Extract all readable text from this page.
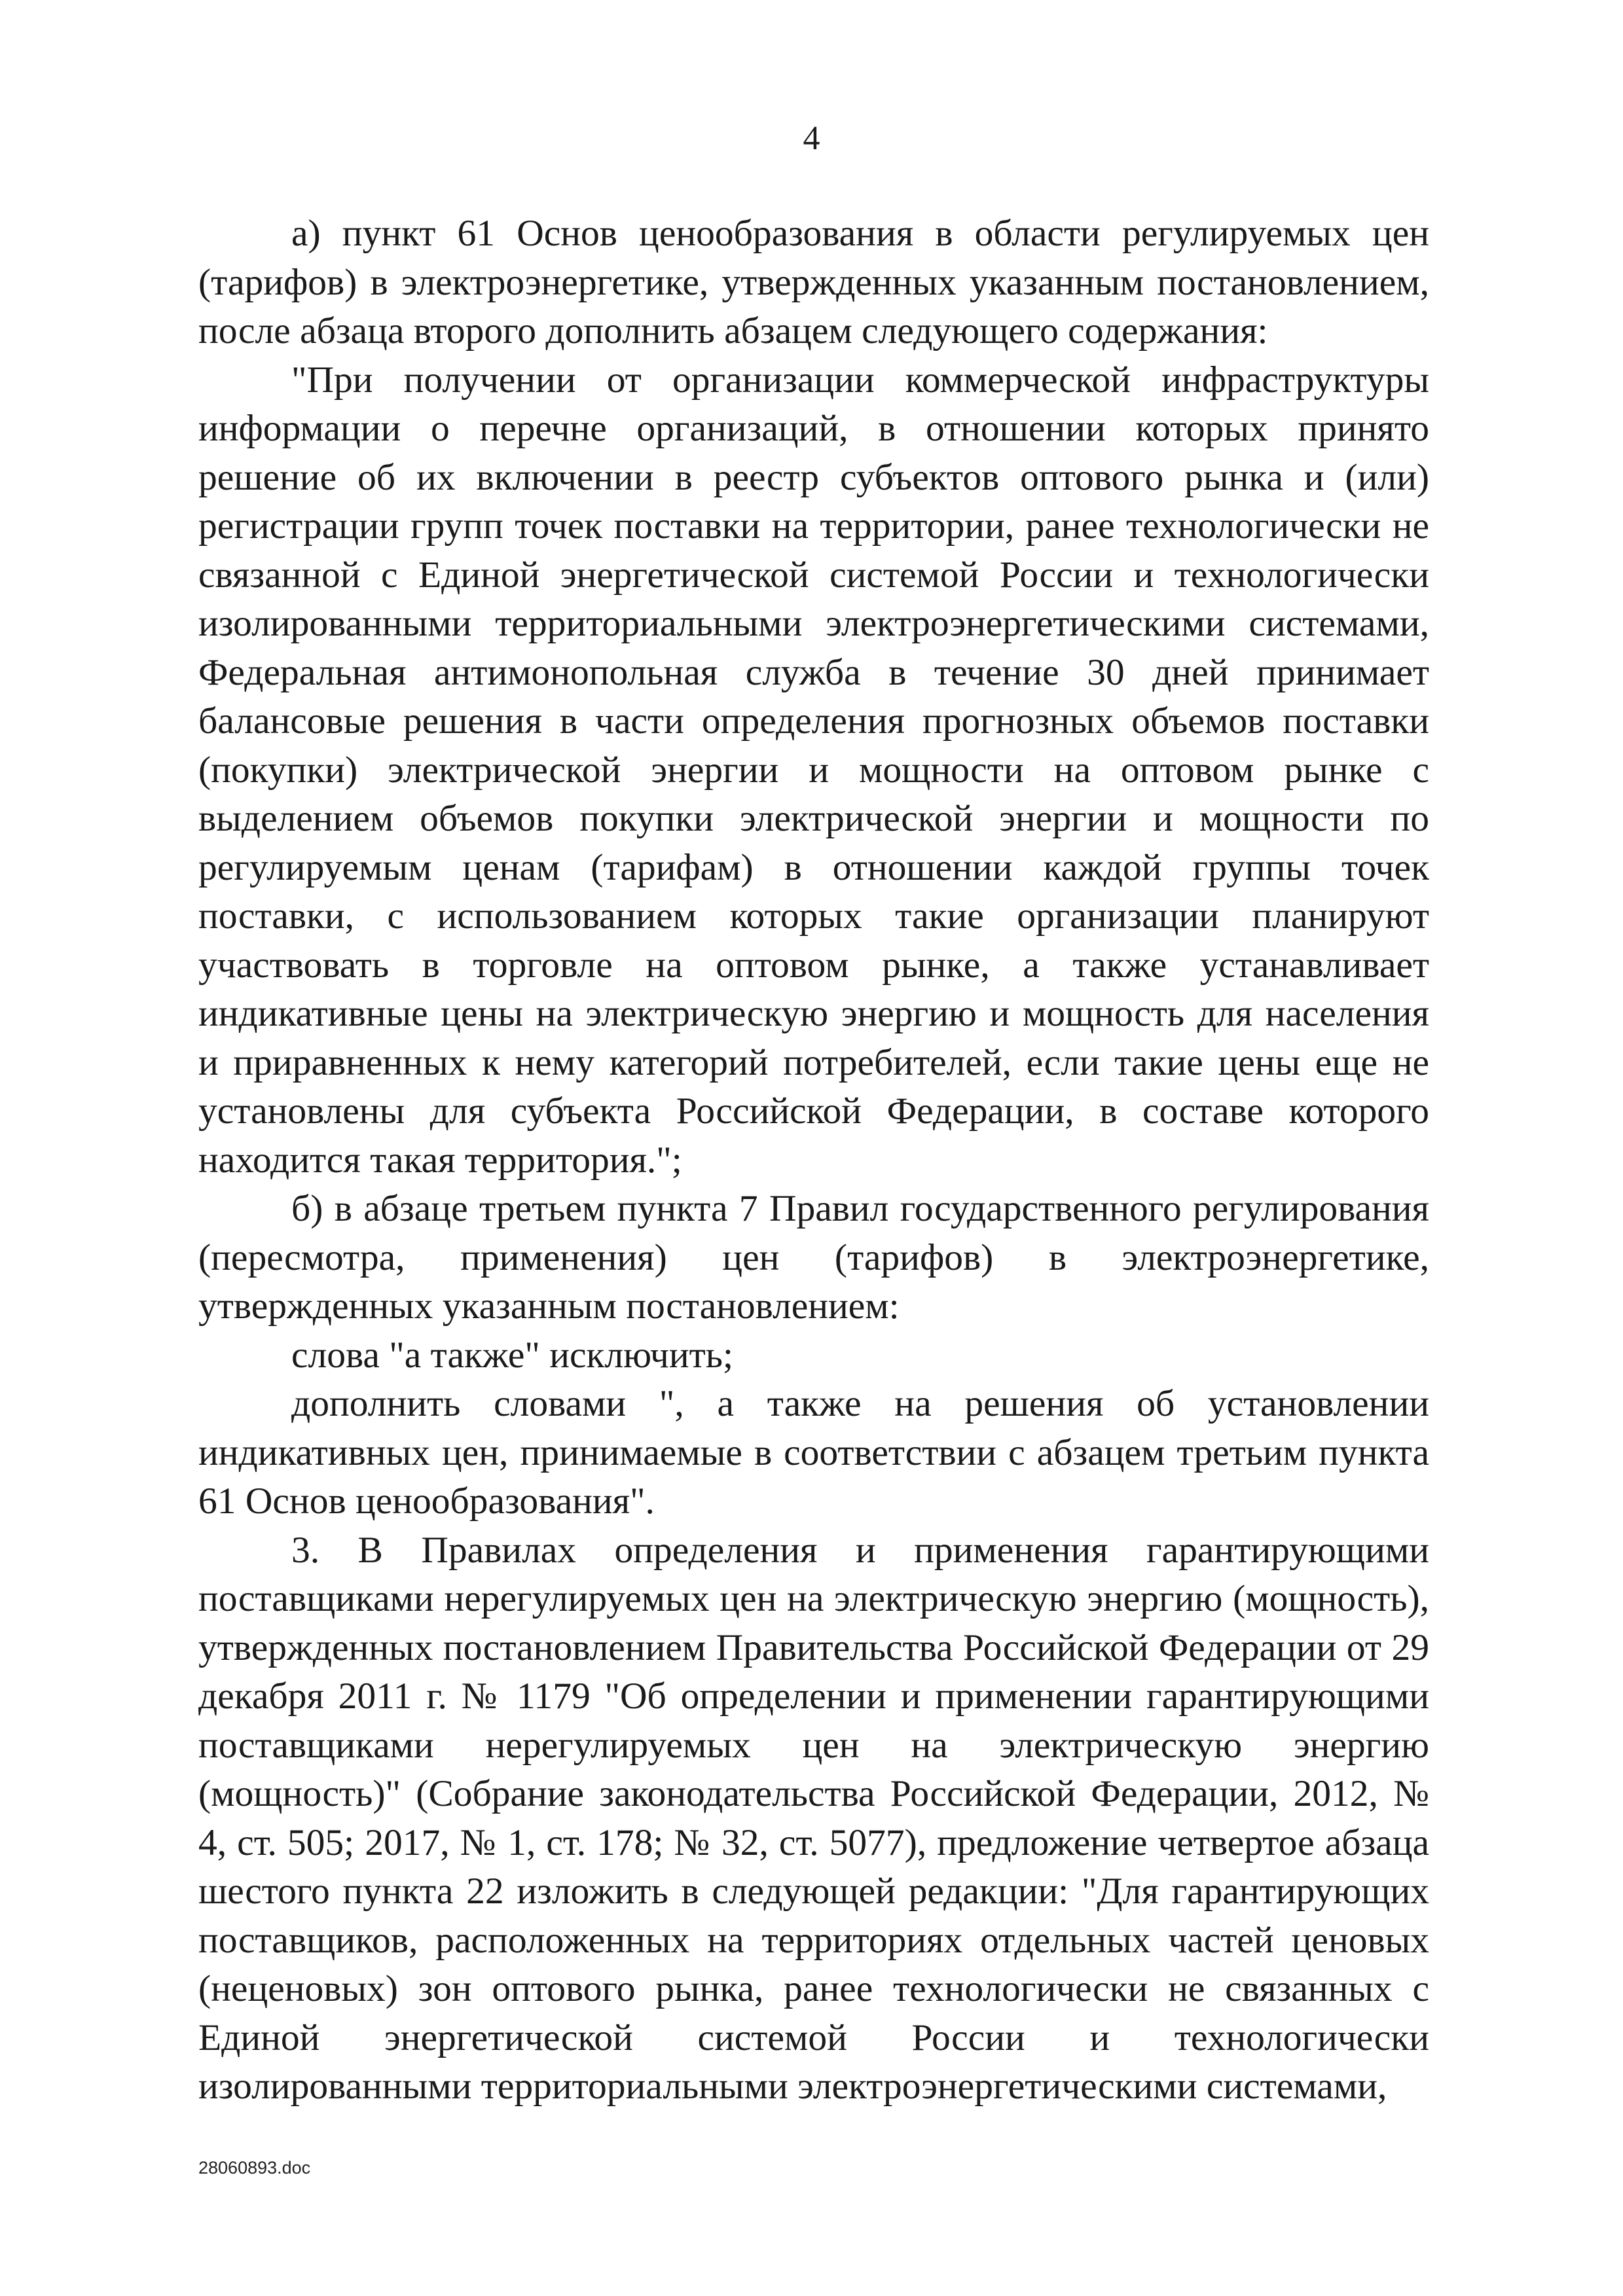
4

а) пункт 61 Основ ценообразования в области регулируемых цен (тарифов) в электроэнергетике, утвержденных указанным постановлением, после абзаца второго дополнить абзацем следующего содержания:

"При получении от организации коммерческой инфраструктуры информации о перечне организаций, в отношении которых принято решение об их включении в реестр субъектов оптового рынка и (или) регистрации групп точек поставки на территории, ранее технологически не связанной с Единой энергетической системой России и технологически изолированными территориальными электроэнергетическими системами, Федеральная антимонопольная служба в течение 30 дней принимает балансовые решения в части определения прогнозных объемов поставки (покупки) электрической энергии и мощности на оптовом рынке с выделением объемов покупки электрической энергии и мощности по регулируемым ценам (тарифам) в отношении каждой группы точек поставки, с использованием которых такие организации планируют участвовать в торговле на оптовом рынке, а также устанавливает индикативные цены на электрическую энергию и мощность для населения и приравненных к нему категорий потребителей, если такие цены еще не установлены для субъекта Российской Федерации, в составе которого находится такая территория.";

б) в абзаце третьем пункта 7 Правил государственного регулирования (пересмотра, применения) цен (тарифов) в электроэнергетике, утвержденных указанным постановлением:

слова "а также" исключить;

дополнить словами ", а также на решения об установлении индикативных цен, принимаемые в соответствии с абзацем третьим пункта 61 Основ ценообразования".

3. В Правилах определения и применения гарантирующими поставщиками нерегулируемых цен на электрическую энергию (мощность), утвержденных постановлением Правительства Российской Федерации от 29 декабря 2011 г. № 1179 "Об определении и применении гарантирующими поставщиками нерегулируемых цен на электрическую энергию (мощность)" (Собрание законодательства Российской Федерации, 2012, № 4, ст. 505; 2017, № 1, ст. 178; № 32, ст. 5077), предложение четвертое абзаца шестого пункта 22 изложить в следующей редакции: "Для гарантирующих поставщиков, расположенных на территориях отдельных частей ценовых (неценовых) зон оптового рынка, ранее технологически не связанных с Единой энергетической системой России и технологически изолированными территориальными электроэнергетическими системами,

28060893.doc
